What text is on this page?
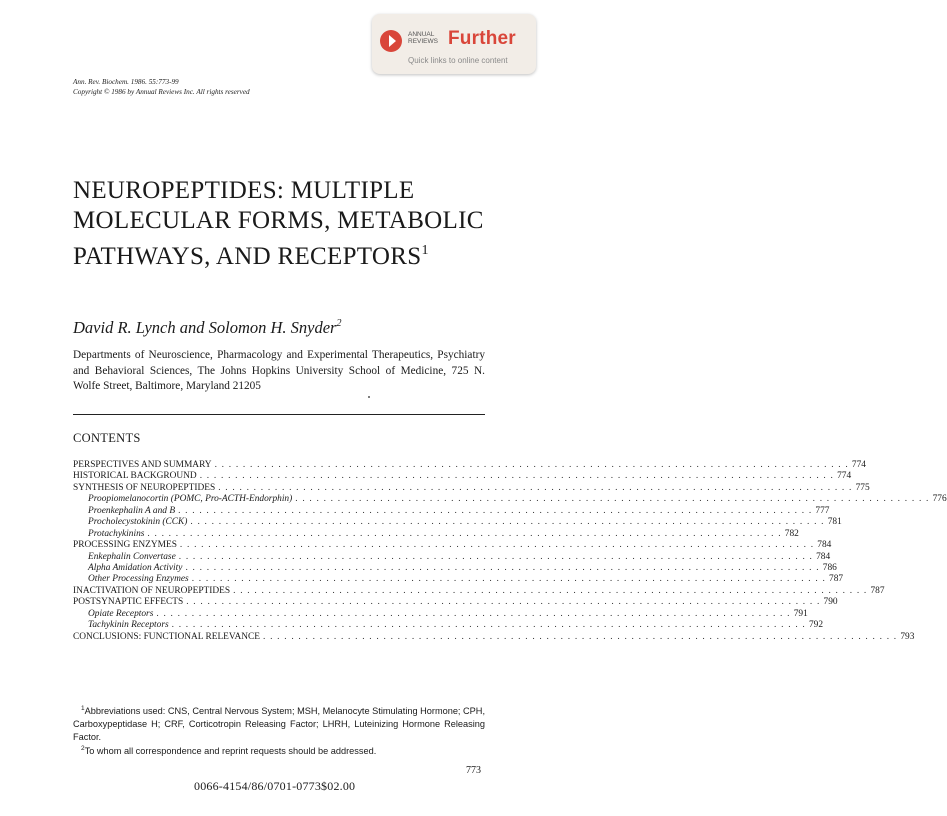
ANNUAL REVIEWS Further
Quick links to online content
Ann. Rev. Biochem. 1986. 55:773-99
Copyright © 1986 by Annual Reviews Inc. All rights reserved
NEUROPEPTIDES: MULTIPLE MOLECULAR FORMS, METABOLIC PATHWAYS, AND RECEPTORS$^1$
David R. Lynch and Solomon H. Snyder$^2$
Departments of Neuroscience, Pharmacology and Experimental Therapeutics, Psychiatry and Behavioral Sciences, The Johns Hopkins University School of Medicine, 725 N. Wolfe Street, Baltimore, Maryland 21205
CONTENTS
PERSPECTIVES AND SUMMARY . . . . . . . . . . . . . . . . . . . . . . . . . . . . . . . . . . . . . . . . . . . . . . . . . . . . . . . . . . . . . . . . . . . . . . . . . . . . . . . . . . . . . . . . . . 774
HISTORICAL BACKGROUND . . . . . . . . . . . . . . . . . . . . . . . . . . . . . . . . . . . . . . . . . . . . . . . . . . . . . . . . . . . . . . . . . . . . . . . . . . . . . . . . . . . . . . . . . . 774
SYNTHESIS OF NEUROPEPTIDES . . . . . . . . . . . . . . . . . . . . . . . . . . . . . . . . . . . . . . . . . . . . . . . . . . . . . . . . . . . . . . . . . . . . . . . . . . . . . . . . . . . . . . . . . . 775
Proopiomelanocortin (POMC, Pro-ACTH-Endorphin) . . . . . . . . . . . . . . . . . . . . . . . . . . . . . . . . . . . . . . . . . . . . . . . . . . . . . . . . . . . . . . . . . . . . . . . . . . . . . . . . . . . . . . . . . . 776
Proenkephalin A and B . . . . . . . . . . . . . . . . . . . . . . . . . . . . . . . . . . . . . . . . . . . . . . . . . . . . . . . . . . . . . . . . . . . . . . . . . . . . . . . . . . . . . . . . . . 777
Procholecystokinin (CCK) . . . . . . . . . . . . . . . . . . . . . . . . . . . . . . . . . . . . . . . . . . . . . . . . . . . . . . . . . . . . . . . . . . . . . . . . . . . . . . . . . . . . . . . . . . 781
Protachykinins . . . . . . . . . . . . . . . . . . . . . . . . . . . . . . . . . . . . . . . . . . . . . . . . . . . . . . . . . . . . . . . . . . . . . . . . . . . . . . . . . . . . . . . . . . 782
PROCESSING ENZYMES . . . . . . . . . . . . . . . . . . . . . . . . . . . . . . . . . . . . . . . . . . . . . . . . . . . . . . . . . . . . . . . . . . . . . . . . . . . . . . . . . . . . . . . . . . 784
Enkephalin Convertase . . . . . . . . . . . . . . . . . . . . . . . . . . . . . . . . . . . . . . . . . . . . . . . . . . . . . . . . . . . . . . . . . . . . . . . . . . . . . . . . . . . . . . . . . . 784
Alpha Amidation Activity . . . . . . . . . . . . . . . . . . . . . . . . . . . . . . . . . . . . . . . . . . . . . . . . . . . . . . . . . . . . . . . . . . . . . . . . . . . . . . . . . . . . . . . . . . 786
Other Processing Enzymes . . . . . . . . . . . . . . . . . . . . . . . . . . . . . . . . . . . . . . . . . . . . . . . . . . . . . . . . . . . . . . . . . . . . . . . . . . . . . . . . . . . . . . . . . . 787
INACTIVATION OF NEUROPEPTIDES . . . . . . . . . . . . . . . . . . . . . . . . . . . . . . . . . . . . . . . . . . . . . . . . . . . . . . . . . . . . . . . . . . . . . . . . . . . . . . . . . . . . . . . . . . 787
POSTSYNAPTIC EFFECTS . . . . . . . . . . . . . . . . . . . . . . . . . . . . . . . . . . . . . . . . . . . . . . . . . . . . . . . . . . . . . . . . . . . . . . . . . . . . . . . . . . . . . . . . . . 790
Opiate Receptors . . . . . . . . . . . . . . . . . . . . . . . . . . . . . . . . . . . . . . . . . . . . . . . . . . . . . . . . . . . . . . . . . . . . . . . . . . . . . . . . . . . . . . . . . . 791
Tachykinin Receptors . . . . . . . . . . . . . . . . . . . . . . . . . . . . . . . . . . . . . . . . . . . . . . . . . . . . . . . . . . . . . . . . . . . . . . . . . . . . . . . . . . . . . . . . . . 792
CONCLUSIONS: FUNCTIONAL RELEVANCE . . . . . . . . . . . . . . . . . . . . . . . . . . . . . . . . . . . . . . . . . . . . . . . . . . . . . . . . . . . . . . . . . . . . . . . . . . . . . . . . . . . . . . . . . . 793
$^1$Abbreviations used: CNS, Central Nervous System; MSH, Melanocyte Stimulating Hormone; CPH, Carboxypeptidase H; CRF, Corticotropin Releasing Factor; LHRH, Luteinizing Hormone Releasing Factor.
$^2$To whom all correspondence and reprint requests should be addressed.
773
0066-4154/86/0701-0773$02.00
